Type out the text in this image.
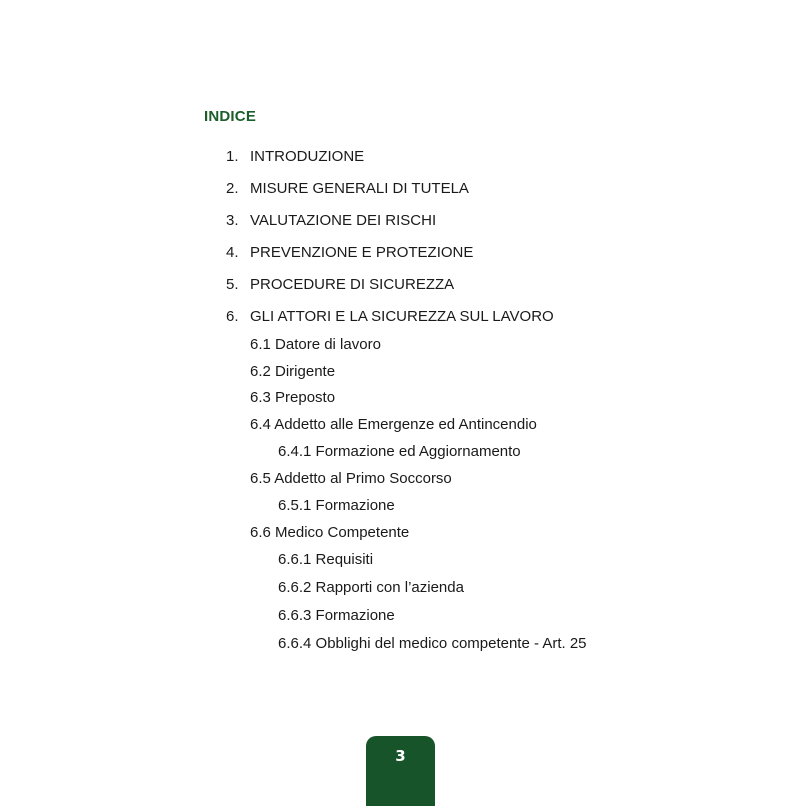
INDICE
1. INTRODUZIONE
2. MISURE GENERALI DI TUTELA
3. VALUTAZIONE DEI RISCHI
4. PREVENZIONE E PROTEZIONE
5. PROCEDURE DI SICUREZZA
6. GLI ATTORI E LA SICUREZZA SUL LAVORO
6.1 Datore di lavoro
6.2 Dirigente
6.3 Preposto
6.4 Addetto alle Emergenze ed Antincendio
6.4.1 Formazione ed Aggiornamento
6.5 Addetto al Primo Soccorso
6.5.1 Formazione
6.6 Medico Competente
6.6.1 Requisiti
6.6.2 Rapporti con l’azienda
6.6.3 Formazione
6.6.4 Obblighi del medico competente - Art. 25
3
